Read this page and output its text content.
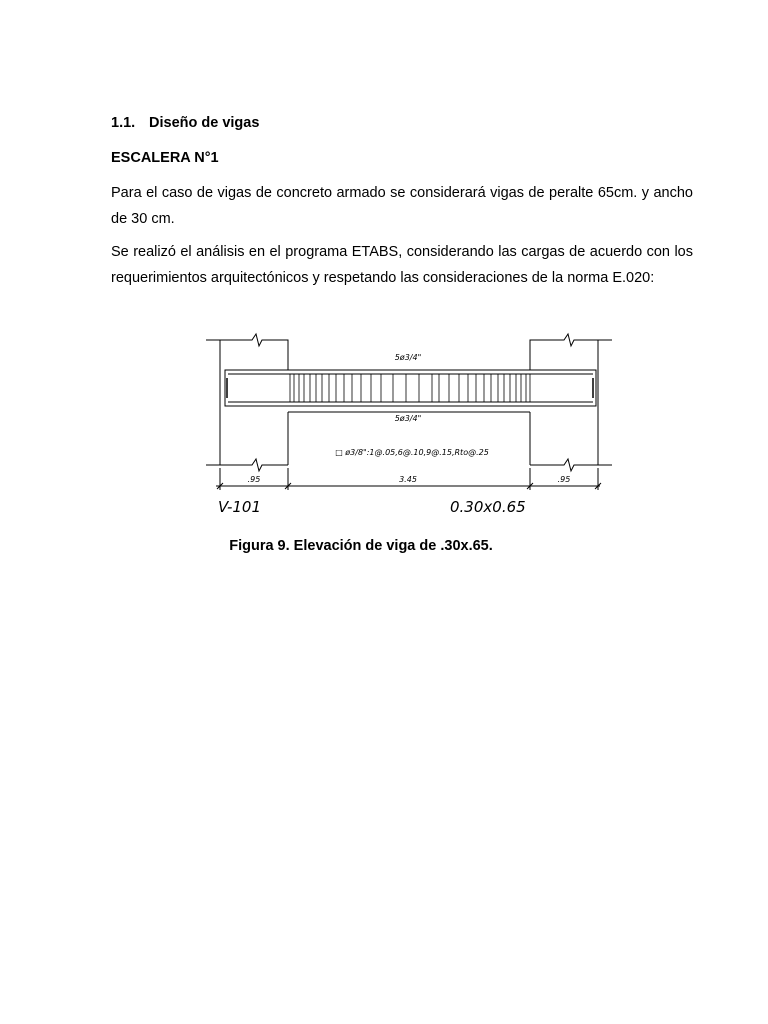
1.1. Diseño de vigas
ESCALERA N°1

Para el caso de vigas de concreto armado se considerará vigas de peralte 65cm. y ancho de 30 cm.

Se realizó el análisis en el programa ETABS, considerando las cargas de acuerdo con los requerimientos arquitectónicos y respetando las consideraciones de la norma E.020:

5ø3/4"
5ø3/4"
□ ø3/8":1@.05,6@.10,9@.15,Rto@.25
.95	3.45	.95
V-101	0.30x0.65
Figura 9. Elevación de viga de .30x.65.
